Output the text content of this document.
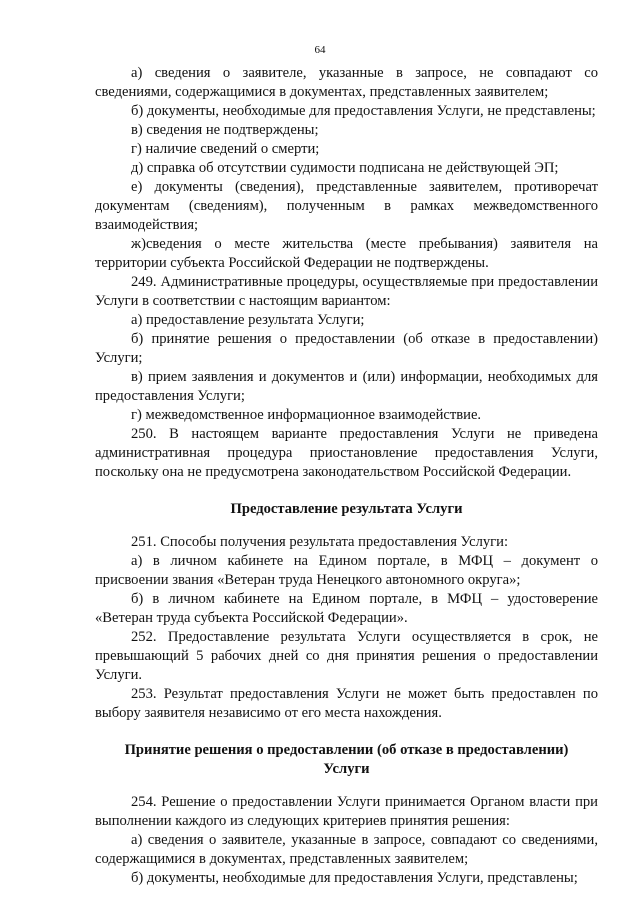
64

а) сведения о заявителе, указанные в запросе, не совпадают со сведениями, содержащимися в документах, представленных заявителем;

б) документы, необходимые для предоставления Услуги, не представлены;

в) сведения не подтверждены;

г) наличие сведений о смерти;

д) справка об отсутствии судимости подписана не действующей ЭП;

е) документы (сведения), представленные заявителем, противоречат документам (сведениям), полученным в рамках межведомственного взаимодействия;

ж)сведения о месте жительства (месте пребывания) заявителя на территории субъекта Российской Федерации не подтверждены.

249. Административные процедуры, осуществляемые при предоставлении Услуги в соответствии с настоящим вариантом:

а) предоставление результата Услуги;

б) принятие решения о предоставлении (об отказе в предоставлении) Услуги;

в) прием заявления и документов и (или) информации, необходимых для предоставления Услуги;

г) межведомственное информационное взаимодействие.

250. В настоящем варианте предоставления Услуги не приведена административная процедура приостановление предоставления Услуги, поскольку она не предусмотрена законодательством Российской Федерации.

Предоставление результата Услуги

251. Способы получения результата предоставления Услуги:

а) в личном кабинете на Едином портале, в МФЦ – документ о присвоении звания «Ветеран труда Ненецкого автономного округа»;

б) в личном кабинете на Едином портале, в МФЦ – удостоверение «Ветеран труда субъекта Российской Федерации».

252. Предоставление результата Услуги осуществляется в срок, не превышающий 5 рабочих дней со дня принятия решения о предоставлении Услуги.

253. Результат предоставления Услуги не может быть предоставлен по выбору заявителя независимо от его места нахождения.

Принятие решения о предоставлении (об отказе в предоставлении) Услуги

254. Решение о предоставлении Услуги принимается Органом власти при выполнении каждого из следующих критериев принятия решения:

а) сведения о заявителе, указанные в запросе, совпадают со сведениями, содержащимися в документах, представленных заявителем;

б) документы, необходимые для предоставления Услуги, представлены;
